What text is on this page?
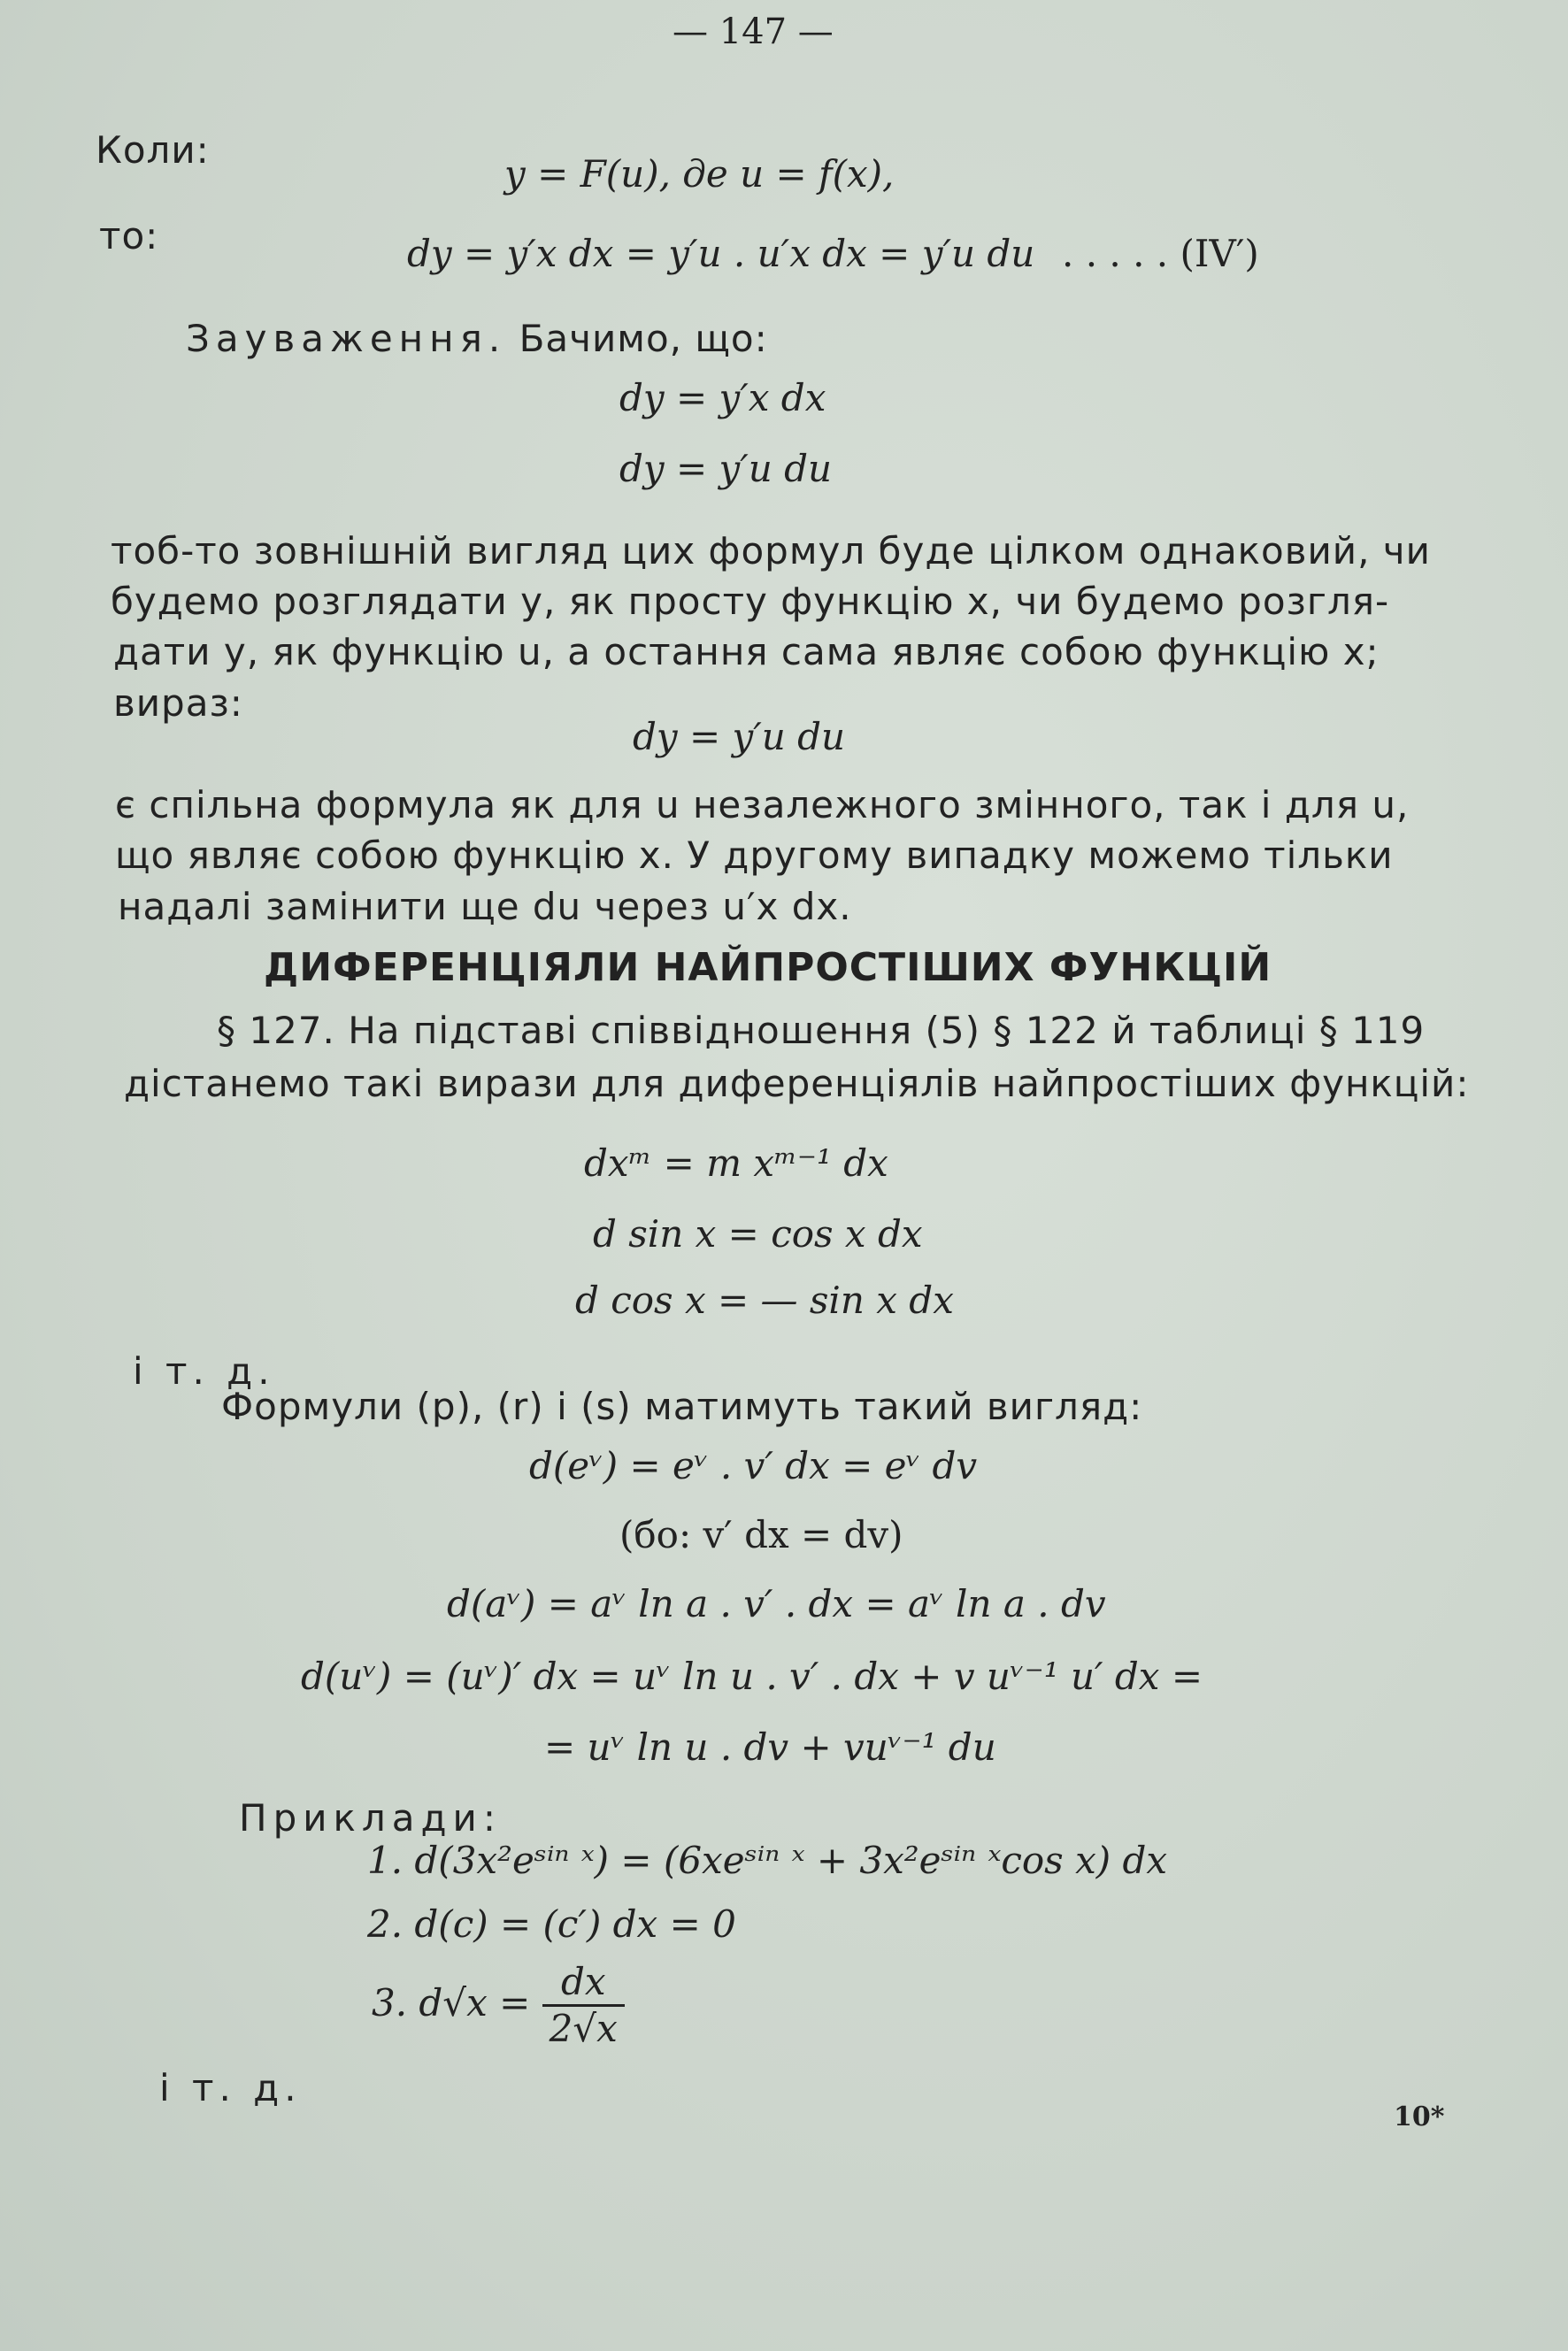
— 147 —
Коли:
y = F(u), де u = f(x),
то:	dy = y′x dx = y′u . u′x dx = y′u du . . . . . (IV′)
Зауваження. Бачимо, що:
dy = y′x dx
dy = y′u du
тоб-то зовнішній вигляд цих формул буде цілком однаковий, чи
будемо розглядати y, як просту функцію x, чи будемо розгля-
дати y, як функцію u, а остання сама являє собою функцію x;
вираз:
dy = y′u du
є спільна формула як для u незалежного змінного, так і для u,
що являє собою функцію x. У другому випадку можемо тільки
надалі замінити ще du через u′x dx.
ДИФЕРЕНЦІЯЛИ НАЙПРОСТІШИХ ФУНКЦІЙ
§ 127. На підставі співвідношення (5) § 122 й таблиці § 119
дістанемо такі вирази для диференціялів найпростіших функцій:
dxᵐ = m xᵐ⁻¹ dx
d sin x = cos x dx
d cos x = — sin x dx
і т. д.
Формули (p), (r) і (s) матимуть такий вигляд:
d(eᵛ) = eᵛ . v′ dx = eᵛ dv
(бо: v′ dx = dv)
d(aᵛ) = aᵛ ln a . v′ . dx = aᵛ ln a . dv
d(uᵛ) = (uᵛ)′ dx = uᵛ ln u . v′ . dx + v uᵛ⁻¹ u′ dx =
= uᵛ ln u . dv + vuᵛ⁻¹ du
Приклади:
1. d(3x²eˢⁱⁿ ˣ) = (6xeˢⁱⁿ ˣ + 3x²eˢⁱⁿ ˣcos x) dx
2. d(c) = (c′) dx = 0
3. $d√x = \frac{dx}{2√x}$
і т. д.
10*
